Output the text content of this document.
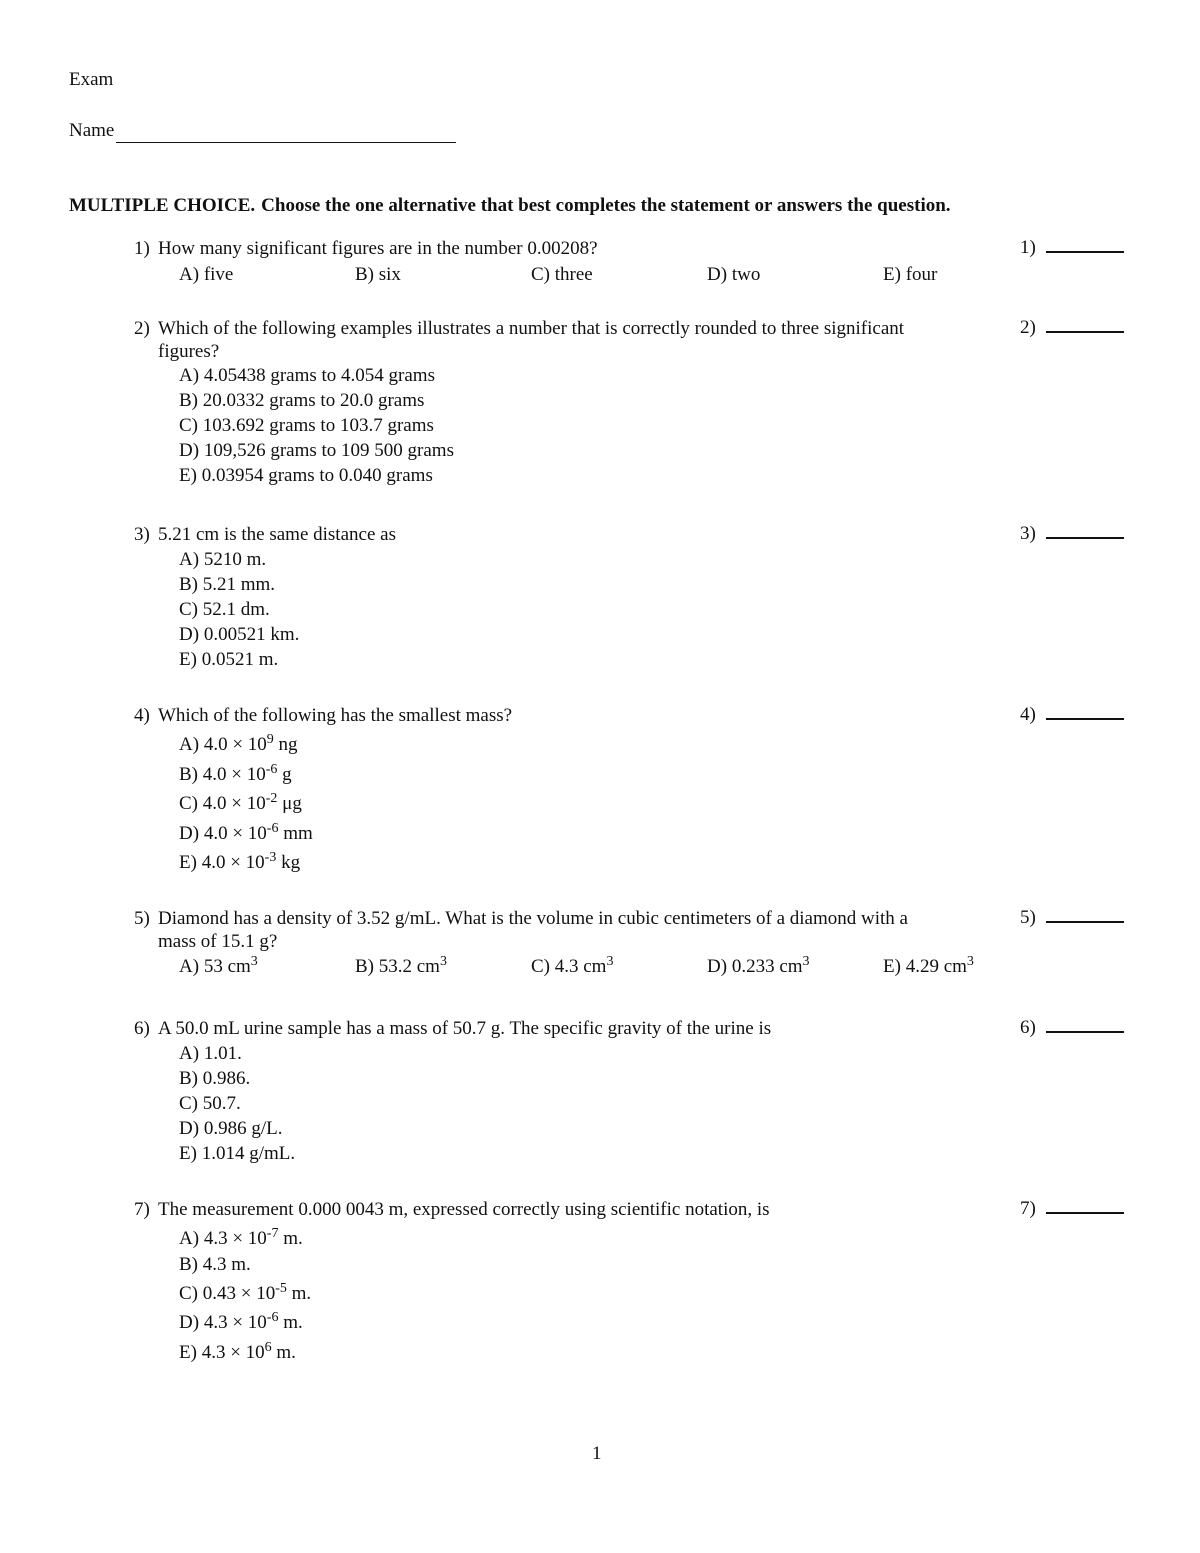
Exam
Name
MULTIPLE CHOICE. Choose the one alternative that best completes the statement or answers the question.
1) How many significant figures are in the number 0.00208?
A) five	B) six	C) three	D) two	E) four
1)
2) Which of the following examples illustrates a number that is correctly rounded to three significant
figures?
A) 4.05438 grams to 4.054 grams
B) 20.0332 grams to 20.0 grams
C) 103.692 grams to 103.7 grams
D) 109,526 grams to 109 500 grams
E) 0.03954 grams to 0.040 grams
2)
3) 5.21 cm is the same distance as
A) 5210 m.
B) 5.21 mm.
C) 52.1 dm.
D) 0.00521 km.
E) 0.0521 m.
3)
4) Which of the following has the smallest mass?
A) $4.0 \times 10^9$ ng
B) $4.0 \times 10^{-6}$ g
C) $4.0 \times 10^{-2}$ μg
D) $4.0 \times 10^{-6}$ mm
E) $4.0 \times 10^{-3}$ kg
4)
5) Diamond has a density of 3.52 g/mL. What is the volume in cubic centimeters of a diamond with a
mass of 15.1 g?
A) 53 $cm^3$	B) 53.2 $cm^3$	C) 4.3 $cm^3$	D) 0.233 $cm^3$	E) 4.29 $cm^3$
5)
6) A 50.0 mL urine sample has a mass of 50.7 g. The specific gravity of the urine is
A) 1.01.
B) 0.986.
C) 50.7.
D) 0.986 g/L.
E) 1.014 g/mL.
6)
7) The measurement 0.000 0043 m, expressed correctly using scientific notation, is
A) $4.3 \times 10^{-7}$ m.
B) 4.3 m.
C) $0.43 \times 10^{-5}$ m.
D) $4.3 \times 10^{-6}$ m.
E) $4.3 \times 10^6$ m.
7)
1
